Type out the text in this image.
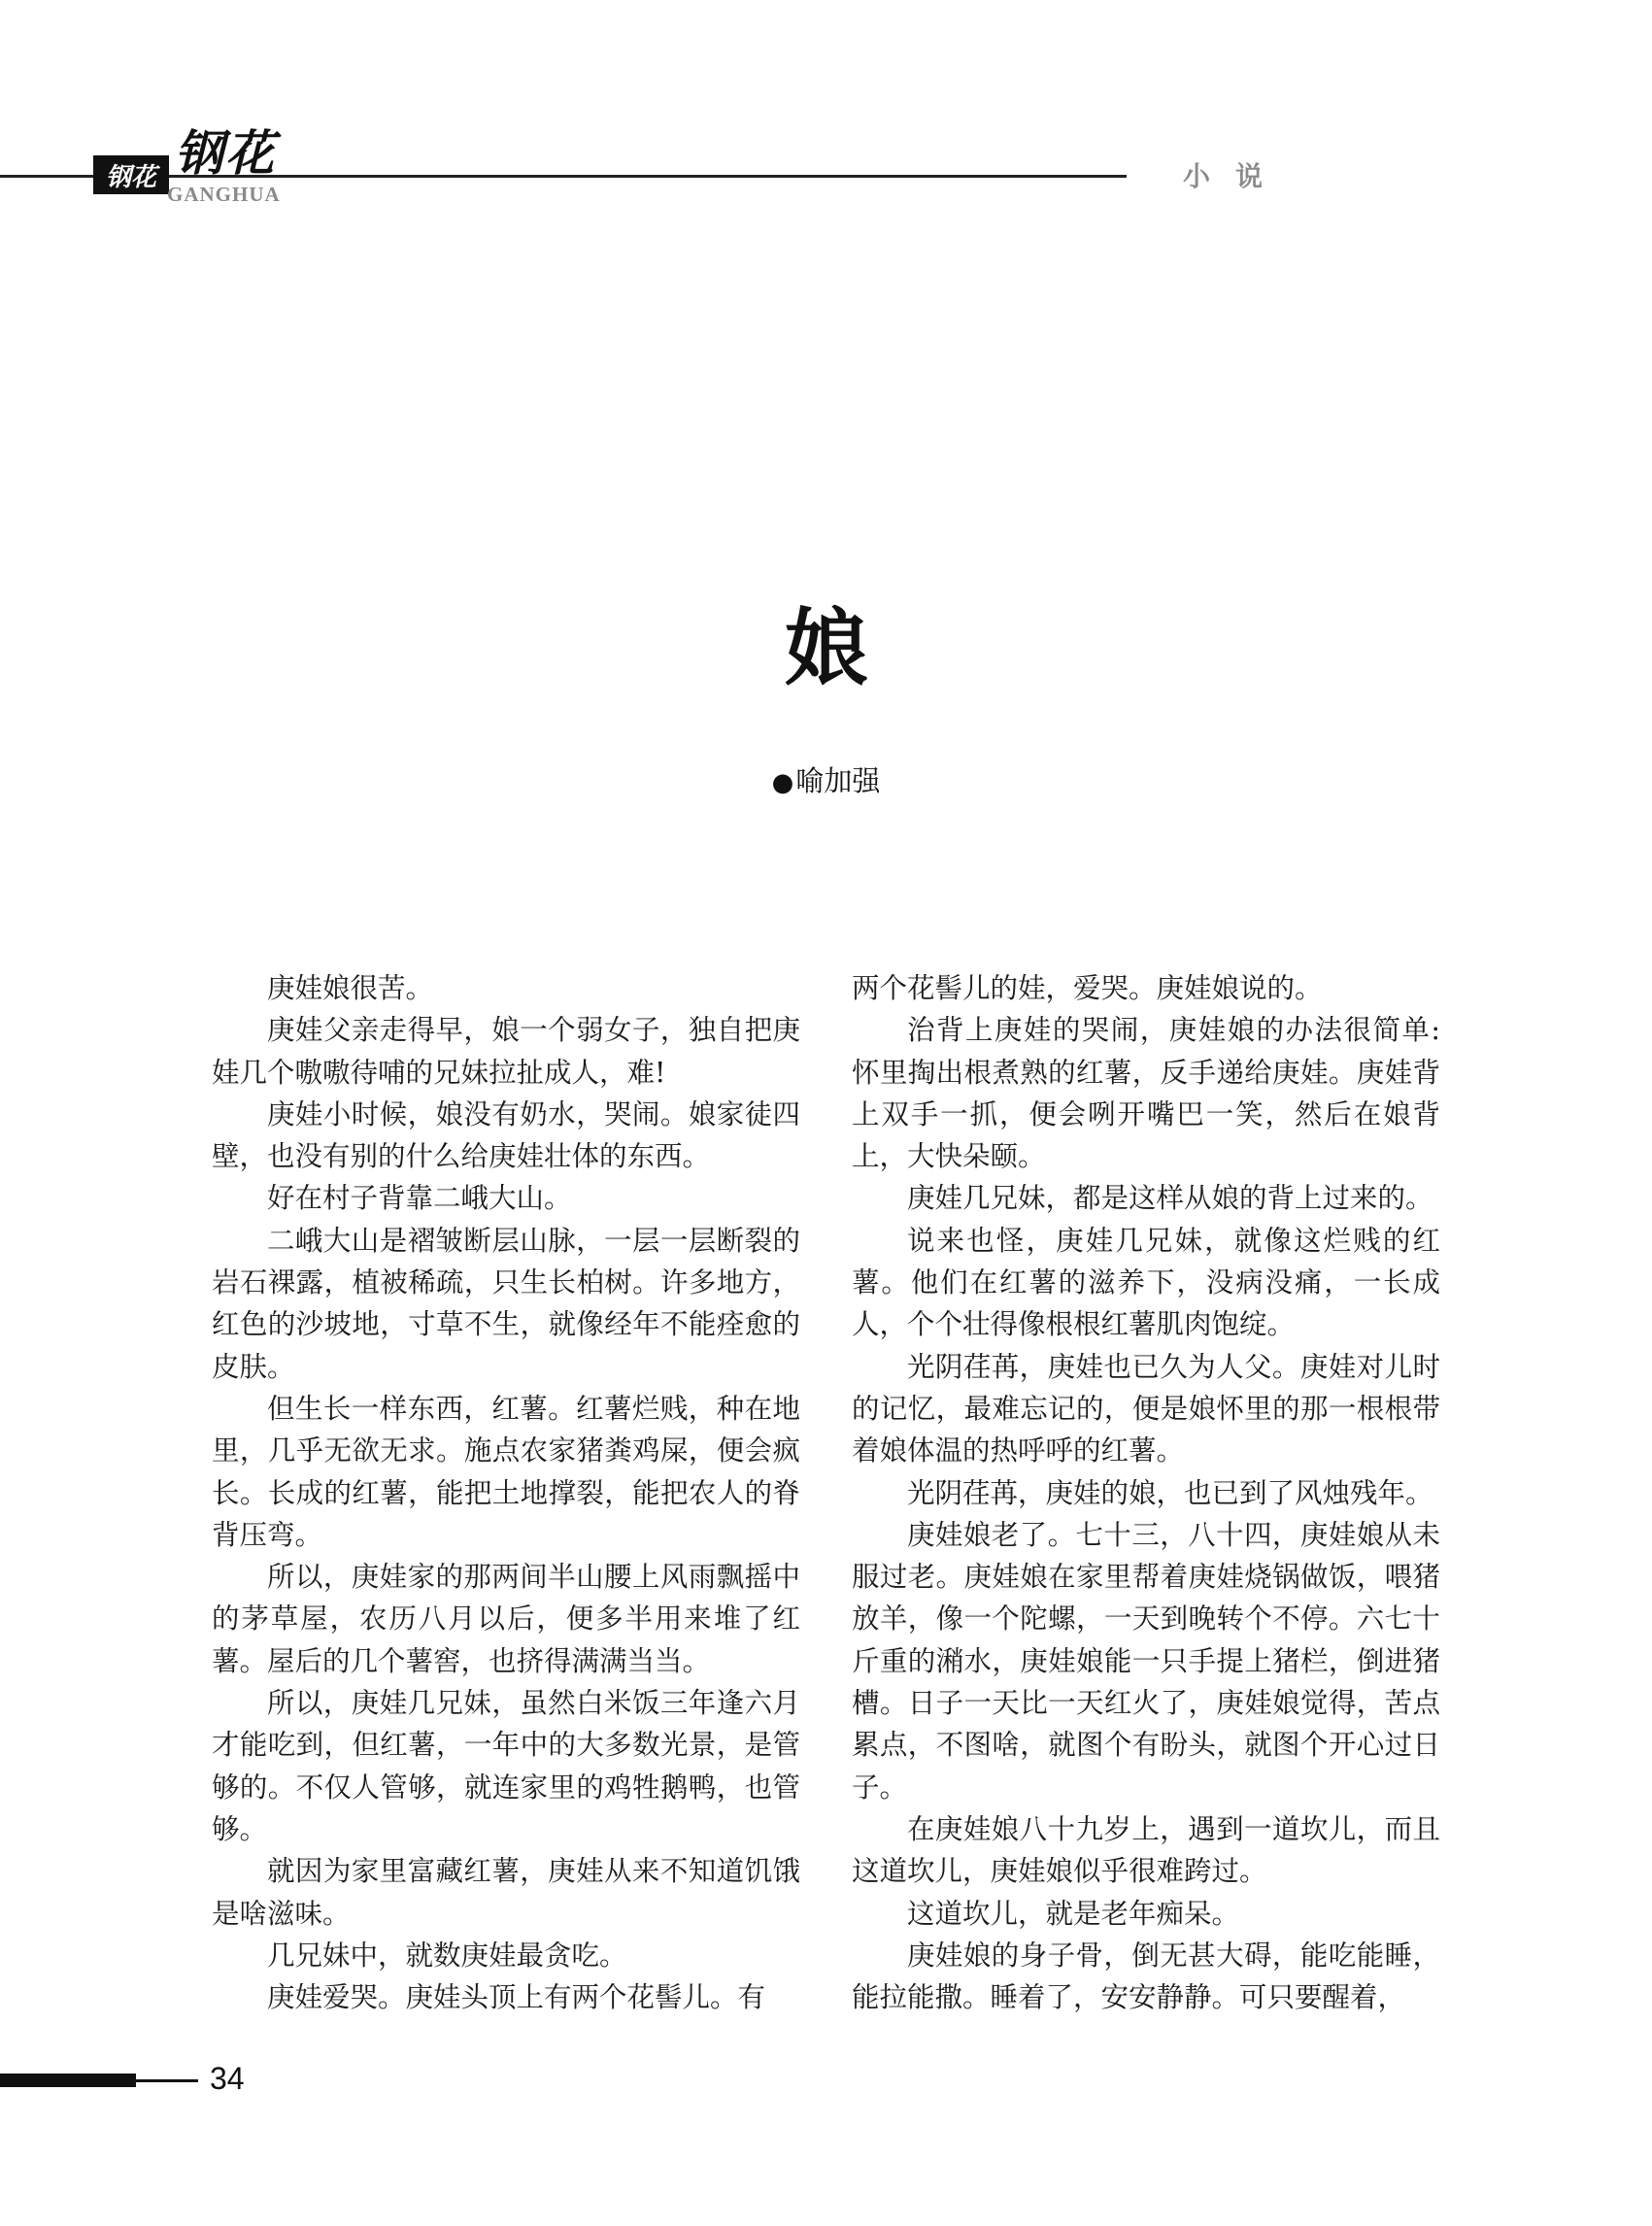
钢花 钢花
GANGHUA
小说
娘
●喻加强

庚娃娘很苦。

庚娃父亲走得早，娘一个弱女子，独自把庚娃几个嗷嗷待哺的兄妹拉扯成人，难!

庚娃小时候，娘没有奶水，哭闹。娘家徒四壁，也没有别的什么给庚娃壮体的东西。

好在村子背靠二峨大山。

二峨大山是褶皱断层山脉，一层一层断裂的岩石裸露，植被稀疏，只生长柏树。许多地方，红色的沙坡地，寸草不生，就像经年不能痊愈的皮肤。

但生长一样东西，红薯。红薯烂贱，种在地里，几乎无欲无求。施点农家猪粪鸡屎，便会疯长。长成的红薯，能把土地撑裂，能把农人的脊背压弯。

所以，庚娃家的那两间半山腰上风雨飘摇中的茅草屋，农历八月以后，便多半用来堆了红薯。屋后的几个薯窖，也挤得满满当当。

所以，庚娃几兄妹，虽然白米饭三年逢六月才能吃到，但红薯，一年中的大多数光景，是管够的。不仅人管够，就连家里的鸡牲鹅鸭，也管够。

就因为家里富藏红薯，庚娃从来不知道饥饿是啥滋味。

几兄妹中，就数庚娃最贪吃。

庚娃爱哭。庚娃头顶上有两个花髻儿。有

两个花髻儿的娃，爱哭。庚娃娘说的。

治背上庚娃的哭闹，庚娃娘的办法很简单:怀里掏出根煮熟的红薯，反手递给庚娃。庚娃背上双手一抓，便会咧开嘴巴一笑，然后在娘背上，大快朵颐。

庚娃几兄妹，都是这样从娘的背上过来的。

说来也怪，庚娃几兄妹，就像这烂贱的红薯。他们在红薯的滋养下，没病没痛，一长成人，个个壮得像根根红薯肌肉饱绽。

光阴荏苒，庚娃也已久为人父。庚娃对儿时的记忆，最难忘记的，便是娘怀里的那一根根带着娘体温的热呼呼的红薯。

光阴荏苒，庚娃的娘，也已到了风烛残年。

庚娃娘老了。七十三，八十四，庚娃娘从未服过老。庚娃娘在家里帮着庚娃烧锅做饭，喂猪放羊，像一个陀螺，一天到晚转个不停。六七十斤重的潲水，庚娃娘能一只手提上猪栏，倒进猪槽。日子一天比一天红火了，庚娃娘觉得，苦点累点，不图啥，就图个有盼头，就图个开心过日子。

在庚娃娘八十九岁上，遇到一道坎儿，而且这道坎儿，庚娃娘似乎很难跨过。

这道坎儿，就是老年痴呆。

庚娃娘的身子骨，倒无甚大碍，能吃能睡，能拉能撒。睡着了，安安静静。可只要醒着，

34
